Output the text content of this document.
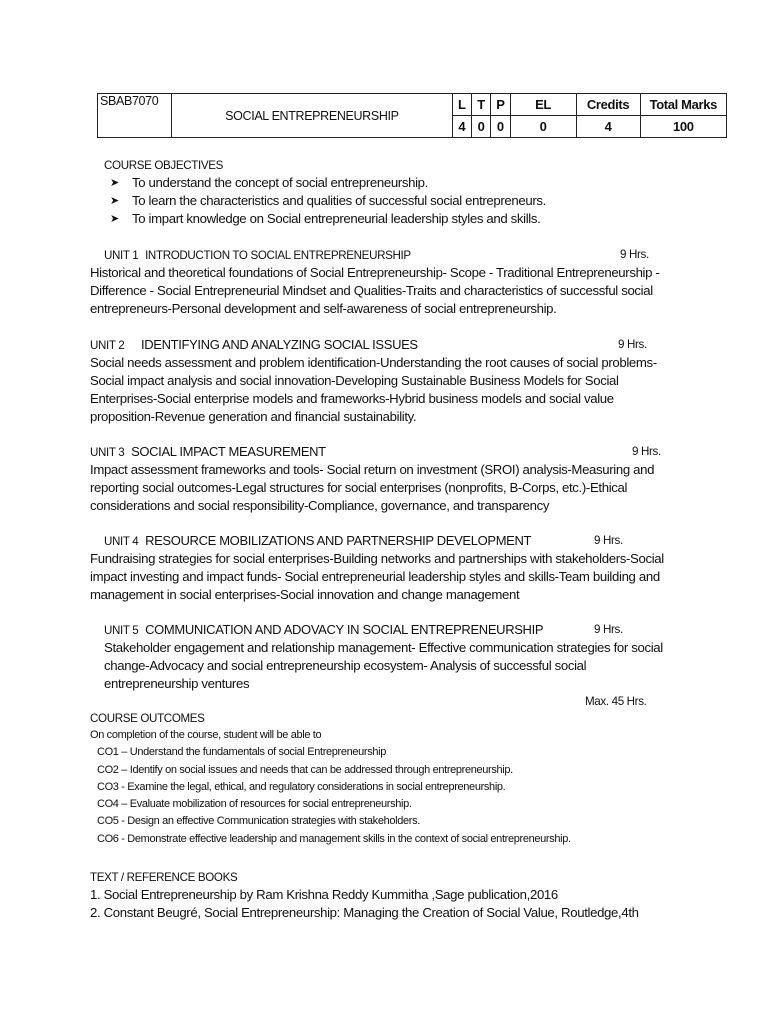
SBAB7070	SOCIAL ENTREPRENEURSHIP	L	T	P	EL	Credits	Total Marks
		4	0	0	0	4	100
COURSE OBJECTIVES
➤ To understand the concept of social entrepreneurship.
➤ To learn the characteristics and qualities of successful social entrepreneurs.
➤ To impart knowledge on Social entrepreneurial leadership styles and skills.
UNIT 1 INTRODUCTION TO SOCIAL ENTREPRENEURSHIP	9 Hrs.
Historical and theoretical foundations of Social Entrepreneurship- Scope - Traditional Entrepreneurship -
Difference - Social Entrepreneurial Mindset and Qualities-Traits and characteristics of successful social
entrepreneurs-Personal development and self-awareness of social entrepreneurship.
UNIT 2 IDENTIFYING AND ANALYZING SOCIAL ISSUES	9 Hrs.
Social needs assessment and problem identification-Understanding the root causes of social problems-
Social impact analysis and social innovation-Developing Sustainable Business Models for Social
Enterprises-Social enterprise models and frameworks-Hybrid business models and social value
proposition-Revenue generation and financial sustainability.
UNIT 3 SOCIAL IMPACT MEASUREMENT	9 Hrs.
Impact assessment frameworks and tools- Social return on investment (SROI) analysis-Measuring and
reporting social outcomes-Legal structures for social enterprises (nonprofits, B-Corps, etc.)-Ethical
considerations and social responsibility-Compliance, governance, and transparency
UNIT 4 RESOURCE MOBILIZATIONS AND PARTNERSHIP DEVELOPMENT	9 Hrs.
Fundraising strategies for social enterprises-Building networks and partnerships with stakeholders-Social
impact investing and impact funds- Social entrepreneurial leadership styles and skills-Team building and
management in social enterprises-Social innovation and change management
UNIT 5 COMMUNICATION AND ADOVACY IN SOCIAL ENTREPRENEURSHIP	9 Hrs.
Stakeholder engagement and relationship management- Effective communication strategies for social
change-Advocacy and social entrepreneurship ecosystem- Analysis of successful social
entrepreneurship ventures
Max. 45 Hrs.
COURSE OUTCOMES
On completion of the course, student will be able to
CO1 – Understand the fundamentals of social Entrepreneurship
CO2 – Identify on social issues and needs that can be addressed through entrepreneurship.
CO3 - Examine the legal, ethical, and regulatory considerations in social entrepreneurship.
CO4 – Evaluate mobilization of resources for social entrepreneurship.
CO5 - Design an effective Communication strategies with stakeholders.
CO6 - Demonstrate effective leadership and management skills in the context of social entrepreneurship.
TEXT / REFERENCE BOOKS
1. Social Entrepreneurship by Ram Krishna Reddy Kummitha ,Sage publication,2016
2. Constant Beugré, Social Entrepreneurship: Managing the Creation of Social Value, Routledge,4th
